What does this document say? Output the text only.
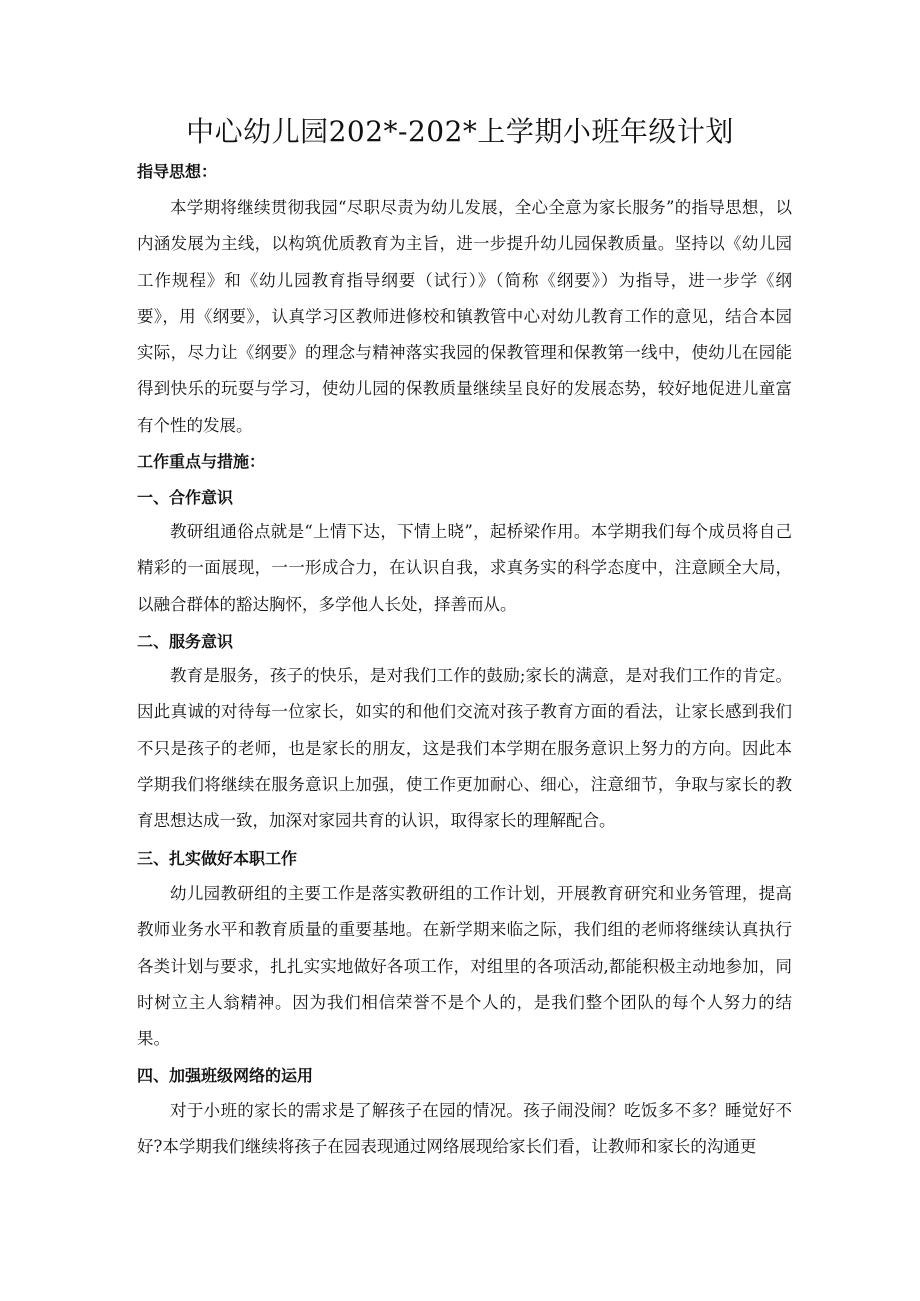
中心幼儿园202*-202*上学期小班年级计划
指导思想：
本学期将继续贯彻我园“尽职尽责为幼儿发展，全心全意为家长服务”的指导思想，以内涵发展为主线，以构筑优质教育为主旨，进一步提升幼儿园保教质量。坚持以《幼儿园工作规程》和《幼儿园教育指导纲要（试行）》（简称《纲要》）为指导，进一步学《纲要》，用《纲要》，认真学习区教师进修校和镇教管中心对幼儿教育工作的意见，结合本园实际，尽力让《纲要》的理念与精神落实我园的保教管理和保教第一线中，使幼儿在园能得到快乐的玩耍与学习，使幼儿园的保教质量继续呈良好的发展态势，较好地促进儿童富有个性的发展。
工作重点与措施：
一、合作意识
教研组通俗点就是“上情下达，下情上晓”，起桥梁作用。本学期我们每个成员将自己精彩的一面展现，一一形成合力，在认识自我，求真务实的科学态度中，注意顾全大局，以融合群体的豁达胸怀，多学他人长处，择善而从。
二、服务意识
教育是服务，孩子的快乐，是对我们工作的鼓励;家长的满意，是对我们工作的肯定。因此真诚的对待每一位家长，如实的和他们交流对孩子教育方面的看法，让家长感到我们不只是孩子的老师，也是家长的朋友，这是我们本学期在服务意识上努力的方向。因此本学期我们将继续在服务意识上加强，使工作更加耐心、细心，注意细节，争取与家长的教育思想达成一致，加深对家园共育的认识，取得家长的理解配合。
三、扎实做好本职工作
幼儿园教研组的主要工作是落实教研组的工作计划，开展教育研究和业务管理，提高教师业务水平和教育质量的重要基地。在新学期来临之际，我们组的老师将继续认真执行各类计划与要求，扎扎实实地做好各项工作，对组里的各项活动,都能积极主动地参加，同时树立主人翁精神。因为我们相信荣誉不是个人的，是我们整个团队的每个人努力的结果。
四、加强班级网络的运用
对于小班的家长的需求是了解孩子在园的情况。孩子闹没闹？吃饭多不多？睡觉好不好?本学期我们继续将孩子在园表现通过网络展现给家长们看，让教师和家长的沟通更
